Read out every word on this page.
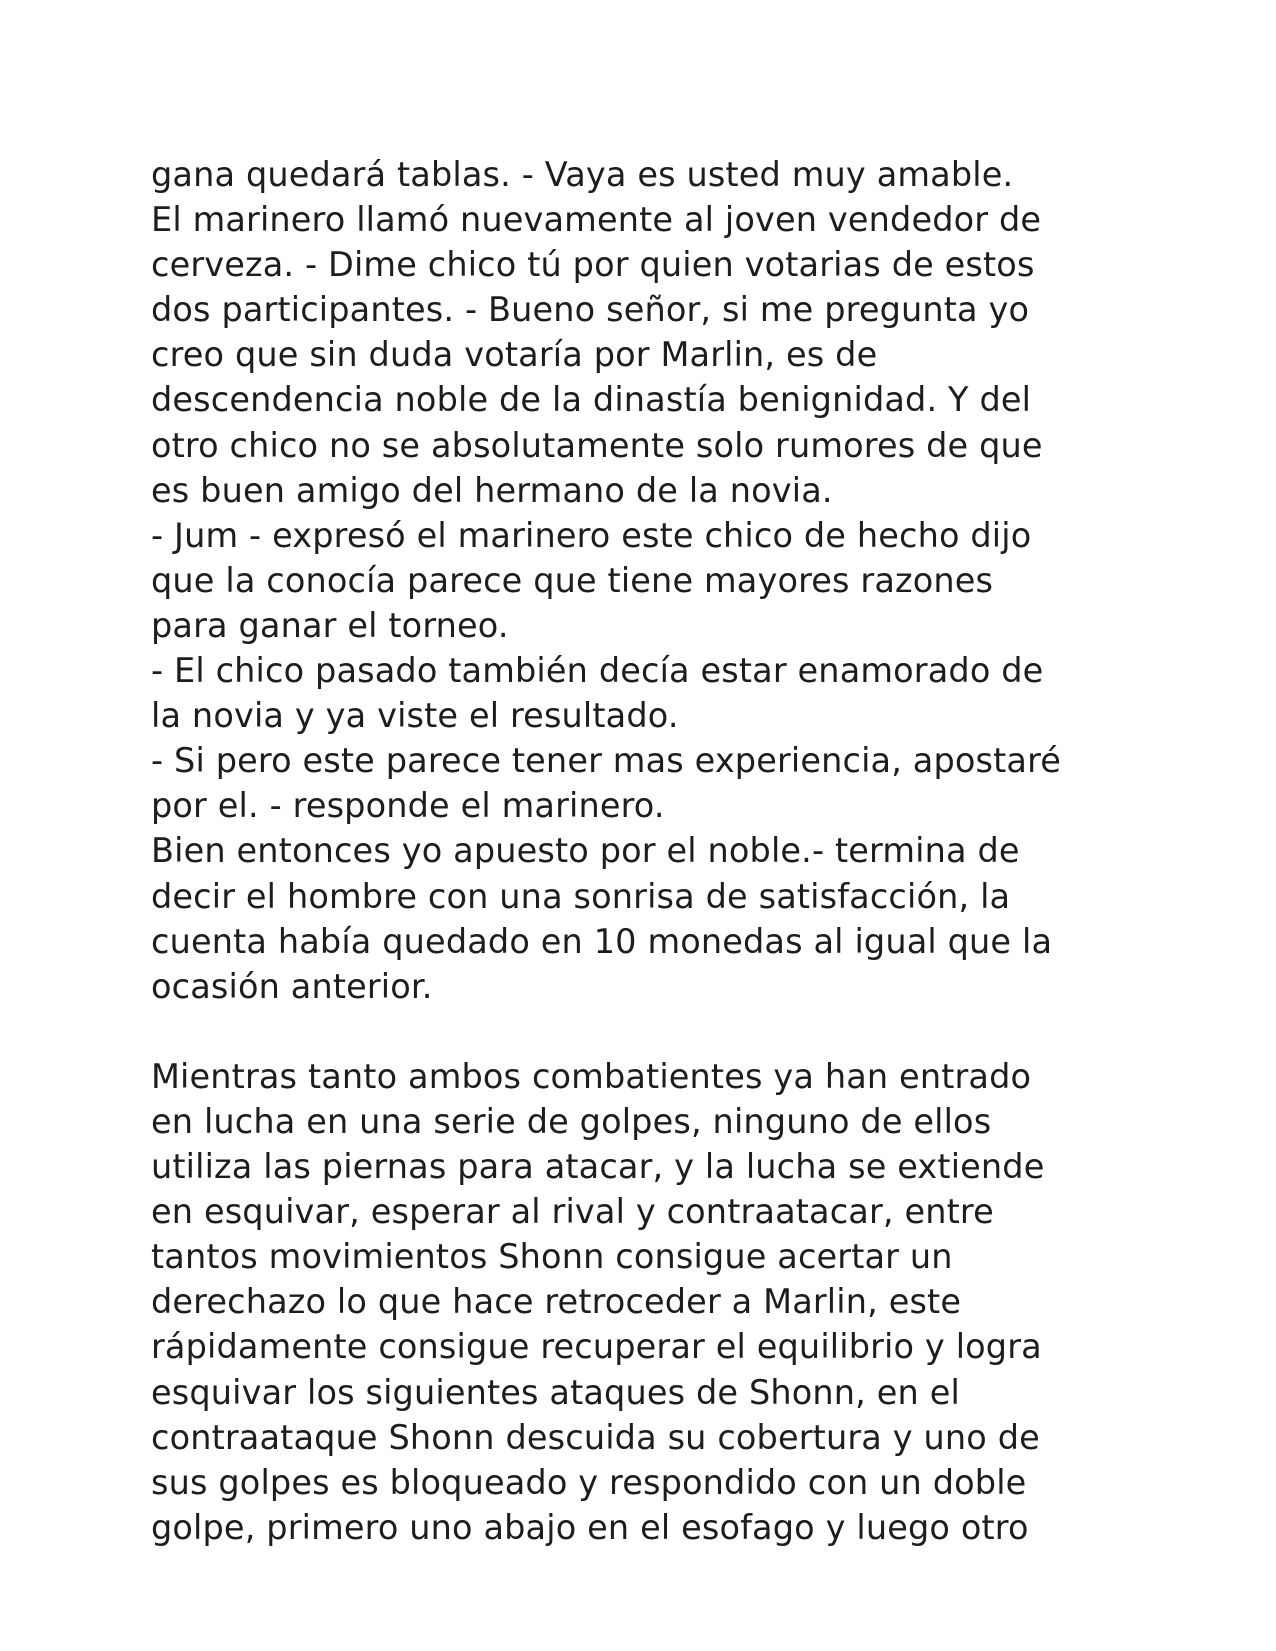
gana quedará tablas. - Vaya es usted muy amable.
El marinero llamó nuevamente al joven vendedor de
cerveza. - Dime chico tú por quien votarias de estos
dos participantes. - Bueno señor, si me pregunta yo
creo que sin duda votaría por Marlin, es de
descendencia noble de la dinastía benignidad. Y del
otro chico no se absolutamente solo rumores de que
es buen amigo del hermano de la novia.
- Jum - expresó el marinero este chico de hecho dijo
que la conocía parece que tiene mayores razones
para ganar el torneo.
- El chico pasado también decía estar enamorado de
la novia y ya viste el resultado.
- Si pero este parece tener mas experiencia, apostaré
por el. - responde el marinero.
Bien entonces yo apuesto por el noble.- termina de
decir el hombre con una sonrisa de satisfacción, la
cuenta había quedado en 10 monedas al igual que la
ocasión anterior.
Mientras tanto ambos combatientes ya han entrado
en lucha en una serie de golpes, ninguno de ellos
utiliza las piernas para atacar, y la lucha se extiende
en esquivar, esperar al rival y contraatacar, entre
tantos movimientos Shonn consigue acertar un
derechazo lo que hace retroceder a Marlin, este
rápidamente consigue recuperar el equilibrio y logra
esquivar los siguientes ataques de Shonn, en el
contraataque Shonn descuida su cobertura y uno de
sus golpes es bloqueado y respondido con un doble
golpe, primero uno abajo en el esofago y luego otro
